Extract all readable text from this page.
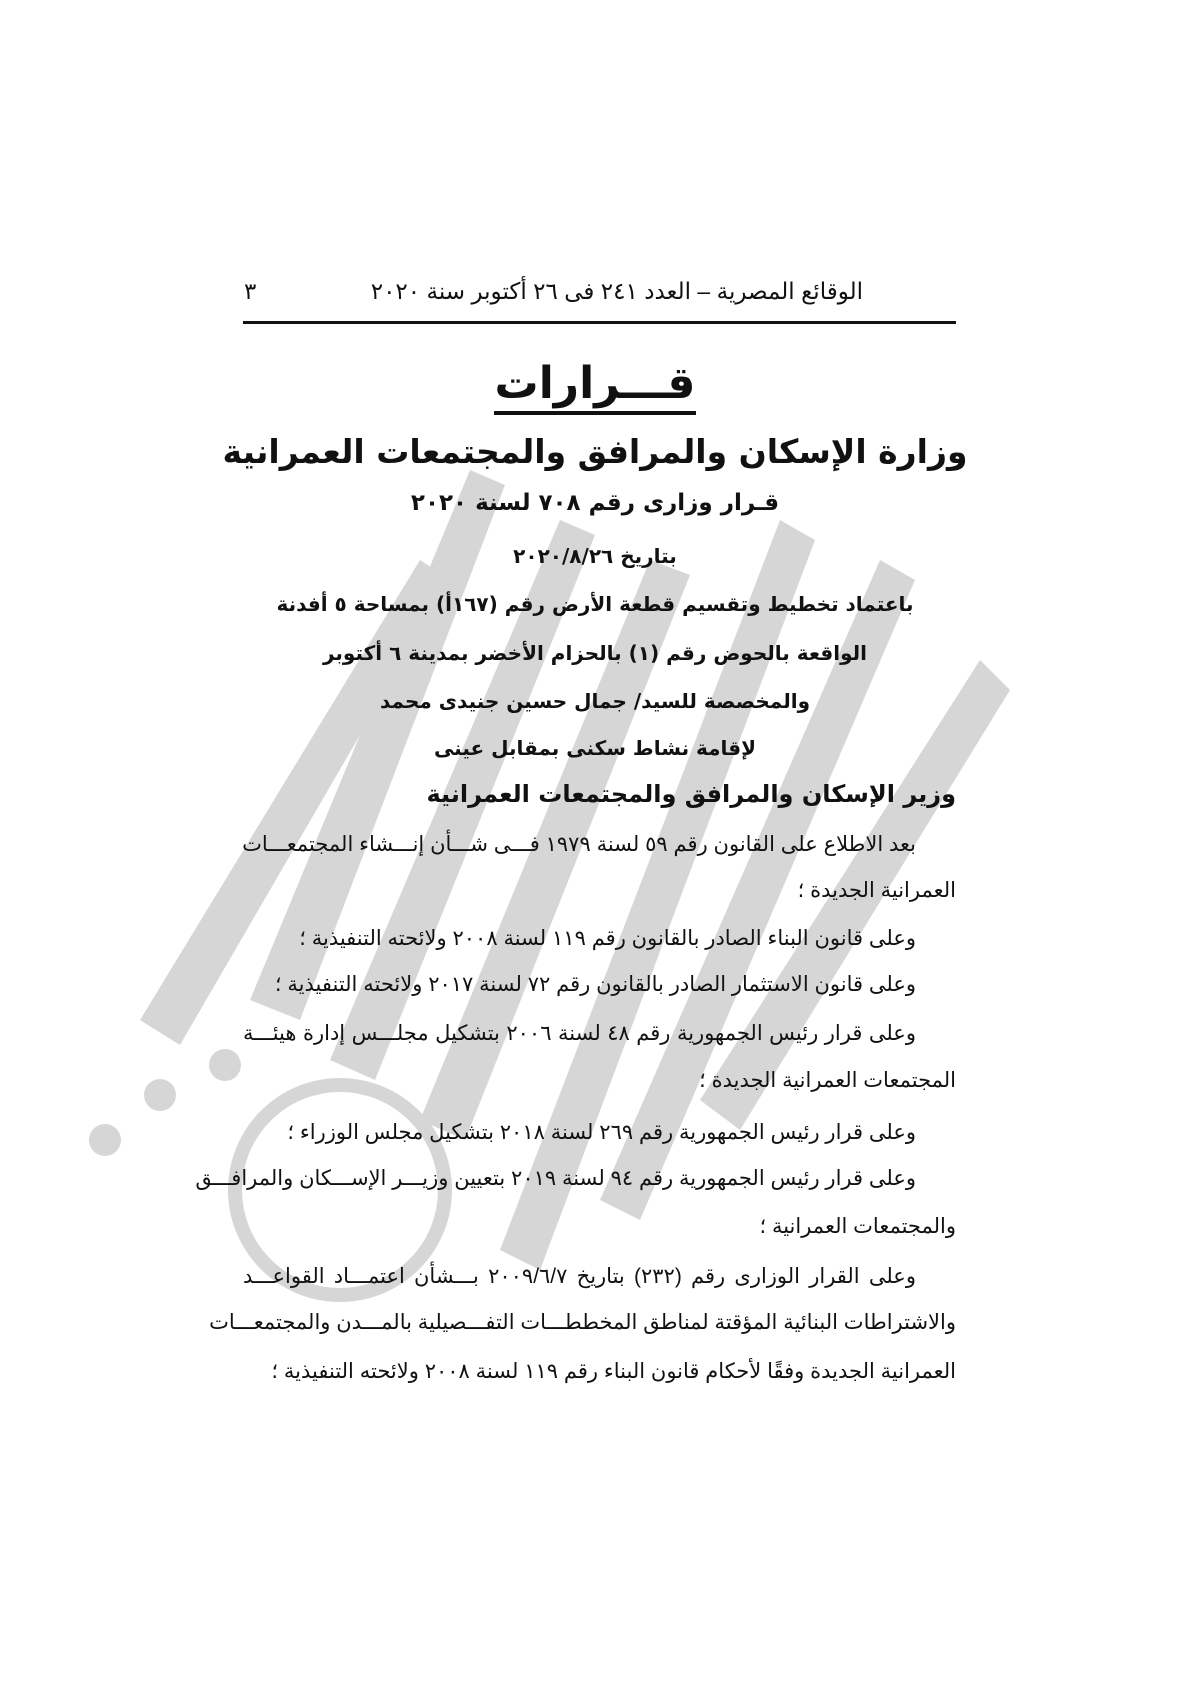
الوقائع المصرية – العدد ٢٤١ فى ٢٦ أكتوبر سنة ٢٠٢٠
٣
قـــرارات
وزارة الإسكان والمرافق والمجتمعات العمرانية
قـرار وزارى رقم ٧٠٨ لسنة ٢٠٢٠
بتاريخ ٢٠٢٠/٨/٢٦
باعتماد تخطيط وتقسيم قطعة الأرض رقم (١٦٧أ) بمساحة ٥ أفدنة
الواقعة بالحوض رقم (١) بالحزام الأخضر بمدينة ٦ أكتوبر
والمخصصة للسيد/ جمال حسين جنيدى محمد
لإقامة نشاط سكنى بمقابل عينى
وزير الإسكان والمرافق والمجتمعات العمرانية
بعد الاطلاع على القانون رقم ٥٩ لسنة ١٩٧٩ فـــى شـــأن إنـــشاء المجتمعـــات
العمرانية الجديدة ؛
وعلى قانون البناء الصادر بالقانون رقم ١١٩ لسنة ٢٠٠٨ ولائحته التنفيذية ؛
وعلى قانون الاستثمار الصادر بالقانون رقم ٧٢ لسنة ٢٠١٧ ولائحته التنفيذية ؛
وعلى قرار رئيس الجمهورية رقم ٤٨ لسنة ٢٠٠٦ بتشكيل مجلـــس إدارة هيئـــة
المجتمعات العمرانية الجديدة ؛
وعلى قرار رئيس الجمهورية رقم ٢٦٩ لسنة ٢٠١٨ بتشكيل مجلس الوزراء ؛
وعلى قرار رئيس الجمهورية رقم ٩٤ لسنة ٢٠١٩ بتعيين وزيـــر الإســـكان والمرافـــق
والمجتمعات العمرانية ؛
وعلى القرار الوزارى رقم (٢٣٢) بتاريخ ٢٠٠٩/٦/٧ بـــشأن اعتمـــاد القواعـــد
والاشتراطات البنائية المؤقتة لمناطق المخططـــات التفـــصيلية بالمـــدن والمجتمعـــات
العمرانية الجديدة وفقًا لأحكام قانون البناء رقم ١١٩ لسنة ٢٠٠٨ ولائحته التنفيذية ؛
